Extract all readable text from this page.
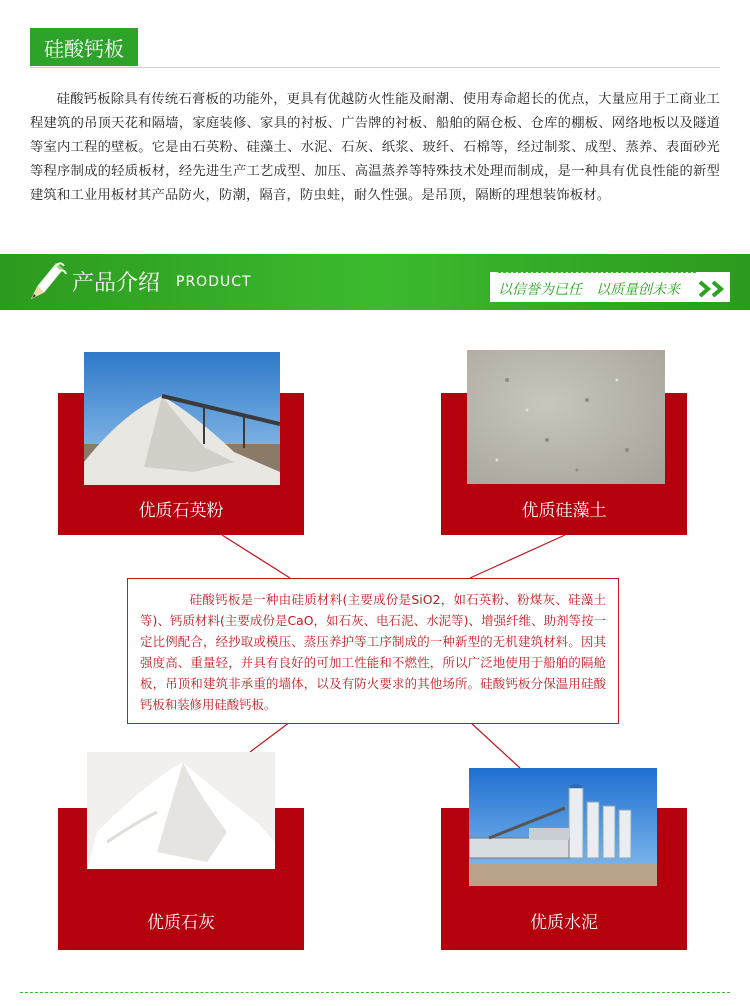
硅酸钙板
硅酸钙板除具有传统石膏板的功能外，更具有优越防火性能及耐潮、使用寿命超长的优点，大量应用于工商业工程建筑的吊顶天花和隔墙，家庭装修、家具的衬板、广告牌的衬板、船舶的隔仓板、仓库的棚板、网络地板以及隧道等室内工程的壁板。它是由石英粉、硅藻土、水泥、石灰、纸浆、玻纤、石棉等，经过制浆、成型、蒸养、表面砂光等程序制成的轻质板材，经先进生产工艺成型、加压、高温蒸养等特殊技术处理而制成，是一种具有优良性能的新型建筑和工业用板材其产品防火，防潮，隔音，防虫蛀，耐久性强。是吊顶，隔断的理想装饰板材。
产品介绍 PRODUCT	以信誉为已任　以质量创未来
优质石英粉	优质硅藻土
硅酸钙板是一种由硅质材料(主要成份是SiO2，如石英粉、粉煤灰、硅藻土等)、钙质材料(主要成份是CaO，如石灰、电石泥、水泥等)、增强纤维、助剂等按一定比例配合，经抄取或模压、蒸压养护等工序制成的一种新型的无机建筑材料。因其强度高、重量轻，并具有良好的可加工性能和不燃性，所以广泛地使用于船舶的隔舱板，吊顶和建筑非承重的墙体，以及有防火要求的其他场所。硅酸钙板分保温用硅酸钙板和装修用硅酸钙板。
优质石灰	优质水泥
